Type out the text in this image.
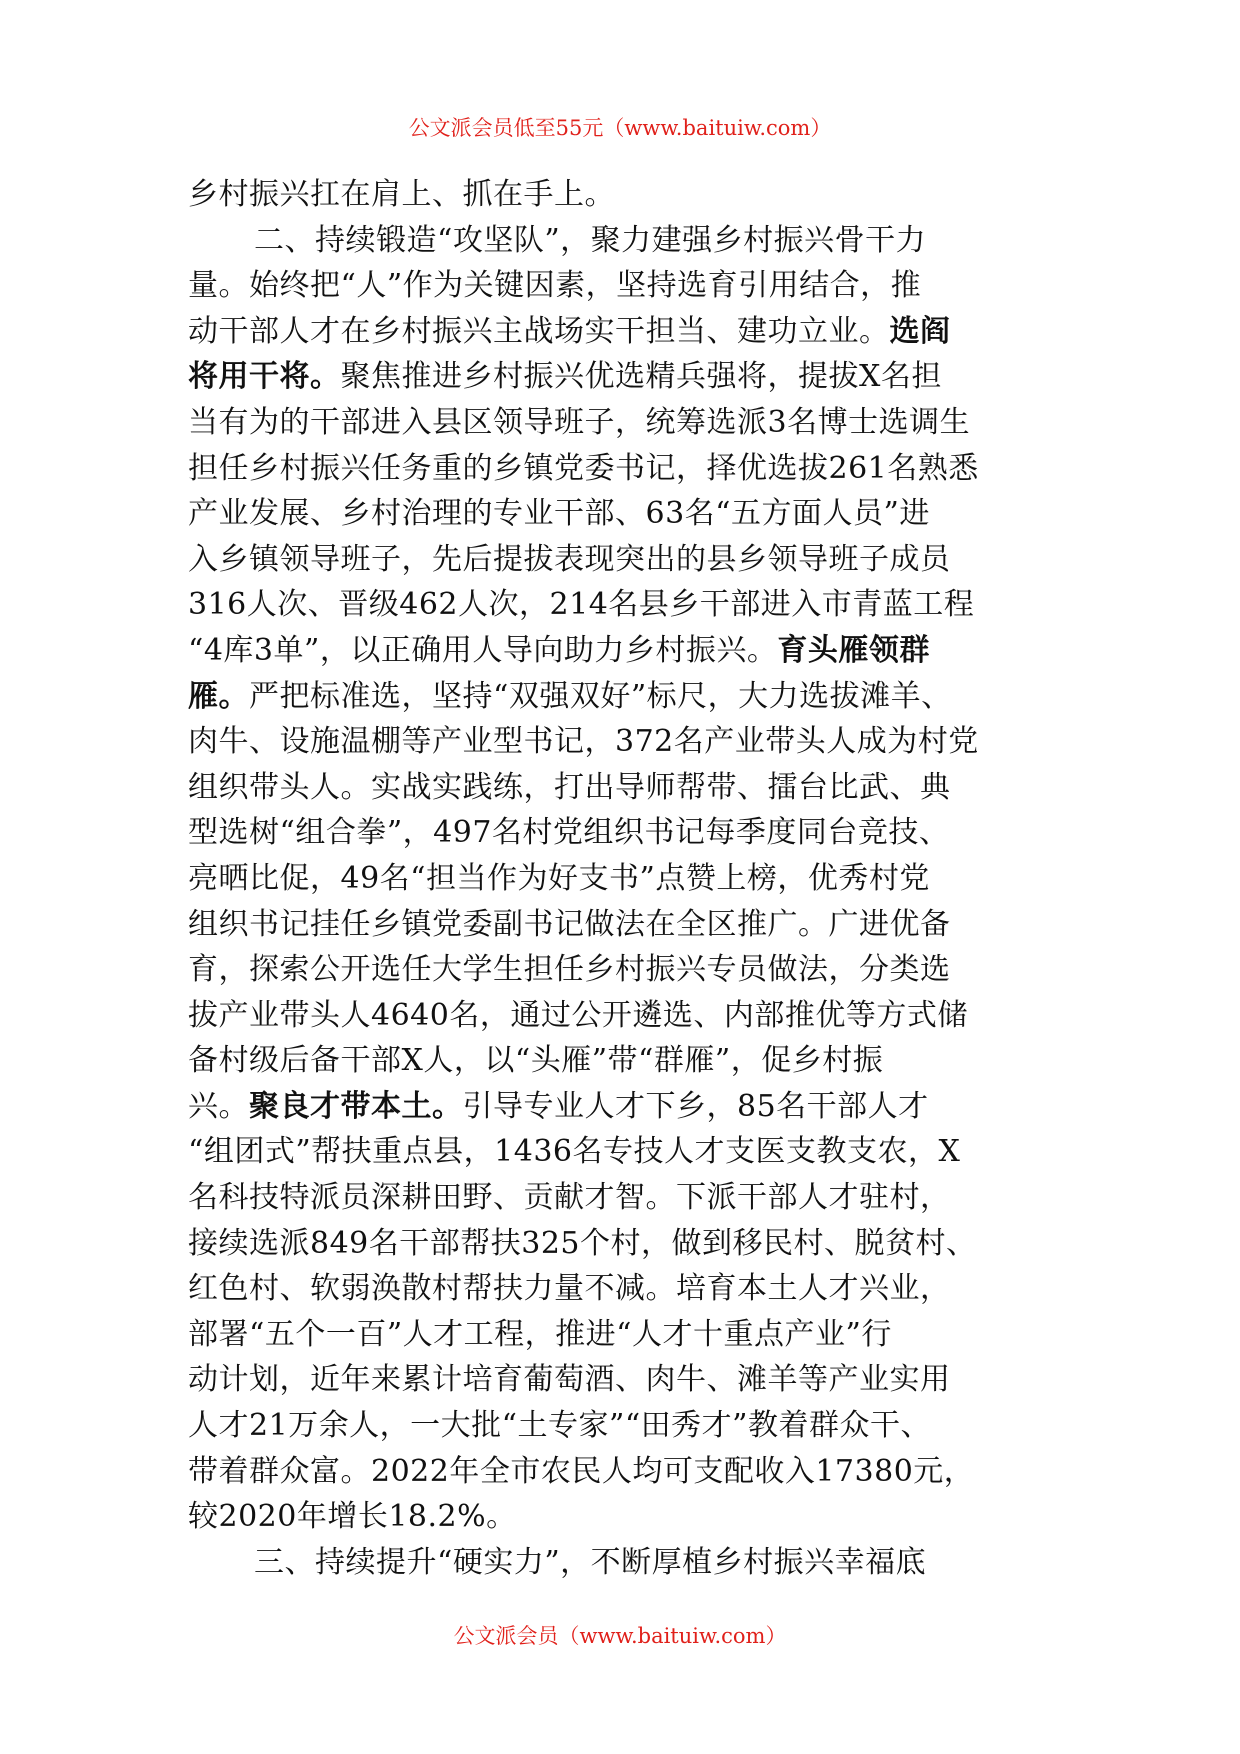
公文派会员低至55元（www.baituiw.com）
乡村振兴扛在肩上、抓在手上。
二、持续锻造“攻坚队”，聚力建强乡村振兴骨干力
量。始终把“人”作为关键因素，坚持选育引用结合，推
动干部人才在乡村振兴主战场实干担当、建功立业。选阎
将用干将。聚焦推进乡村振兴优选精兵强将，提拔X名担
当有为的干部进入县区领导班子，统筹选派3名博士选调生
担任乡村振兴任务重的乡镇党委书记，择优选拔261名熟悉
产业发展、乡村治理的专业干部、63名“五方面人员”进
入乡镇领导班子，先后提拔表现突出的县乡领导班子成员
316人次、晋级462人次，214名县乡干部进入市青蓝工程
“4库3单”，以正确用人导向助力乡村振兴。育头雁领群
雁。严把标准选，坚持“双强双好”标尺，大力选拔滩羊、
肉牛、设施温棚等产业型书记，372名产业带头人成为村党
组织带头人。实战实践练，打出导师帮带、擂台比武、典
型选树“组合拳”，497名村党组织书记每季度同台竞技、
亮晒比促，49名“担当作为好支书”点赞上榜，优秀村党
组织书记挂任乡镇党委副书记做法在全区推广。广进优备
育，探索公开选任大学生担任乡村振兴专员做法，分类选
拔产业带头人4640名，通过公开遴选、内部推优等方式储
备村级后备干部X人，以“头雁”带“群雁”，促乡村振
兴。聚良才带本土。引导专业人才下乡，85名干部人才
“组团式”帮扶重点县，1436名专技人才支医支教支农，X
名科技特派员深耕田野、贡献才智。下派干部人才驻村，
接续选派849名干部帮扶325个村，做到移民村、脱贫村、
红色村、软弱涣散村帮扶力量不减。培育本土人才兴业，
部署“五个一百”人才工程，推进“人才十重点产业”行
动计划，近年来累计培育葡萄酒、肉牛、滩羊等产业实用
人才21万余人，一大批“土专家”“田秀才”教着群众干、
带着群众富。2022年全市农民人均可支配收入17380元，
较2020年增长18.2%。
三、持续提升“硬实力”，不断厚植乡村振兴幸福底
公文派会员（www.baituiw.com）
